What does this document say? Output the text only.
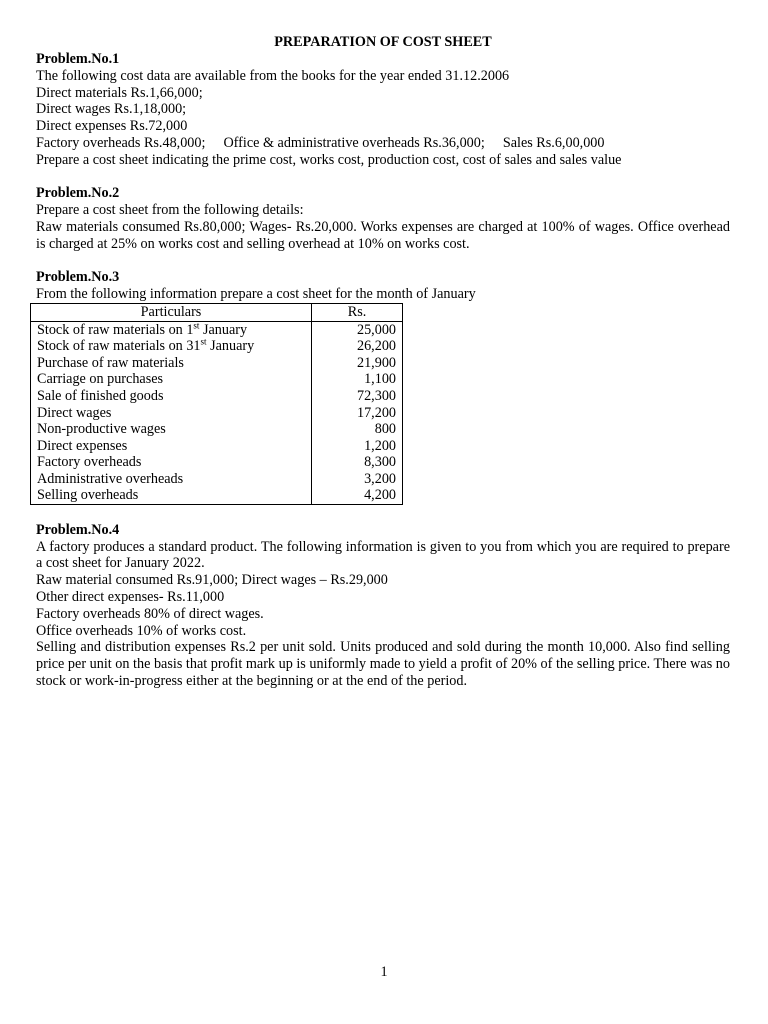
PREPARATION OF COST SHEET

Problem.No.1

The following cost data are available from the books for the year ended 31.12.2006

Direct materials Rs.1,66,000;

Direct wages Rs.1,18,000;

Direct expenses Rs.72,000

Factory overheads Rs.48,000; Office & administrative overheads Rs.36,000; Sales Rs.6,00,000

Prepare a cost sheet indicating the prime cost, works cost, production cost, cost of sales and sales value

Problem.No.2

Prepare a cost sheet from the following details:

Raw materials consumed Rs.80,000; Wages- Rs.20,000. Works expenses are charged at 100% of wages. Office overhead is charged at 25% on works cost and selling overhead at 10% on works cost.

Problem.No.3

From the following information prepare a cost sheet for the month of January

Particulars	Rs.
Stock of raw materials on 1st January	25,000
Stock of raw materials on 31st January	26,200
Purchase of raw materials	21,900
Carriage on purchases	1,100
Sale of finished goods	72,300
Direct wages	17,200
Non-productive wages	800
Direct expenses	1,200
Factory overheads	8,300
Administrative overheads	3,200
Selling overheads	4,200

Problem.No.4

A factory produces a standard product. The following information is given to you from which you are required to prepare a cost sheet for January 2022.

Raw material consumed Rs.91,000; Direct wages – Rs.29,000

Other direct expenses- Rs.11,000

Factory overheads 80% of direct wages.

Office overheads 10% of works cost.

Selling and distribution expenses Rs.2 per unit sold. Units produced and sold during the month 10,000. Also find selling price per unit on the basis that profit mark up is uniformly made to yield a profit of 20% of the selling price. There was no stock or work-in-progress either at the beginning or at the end of the period.

1
